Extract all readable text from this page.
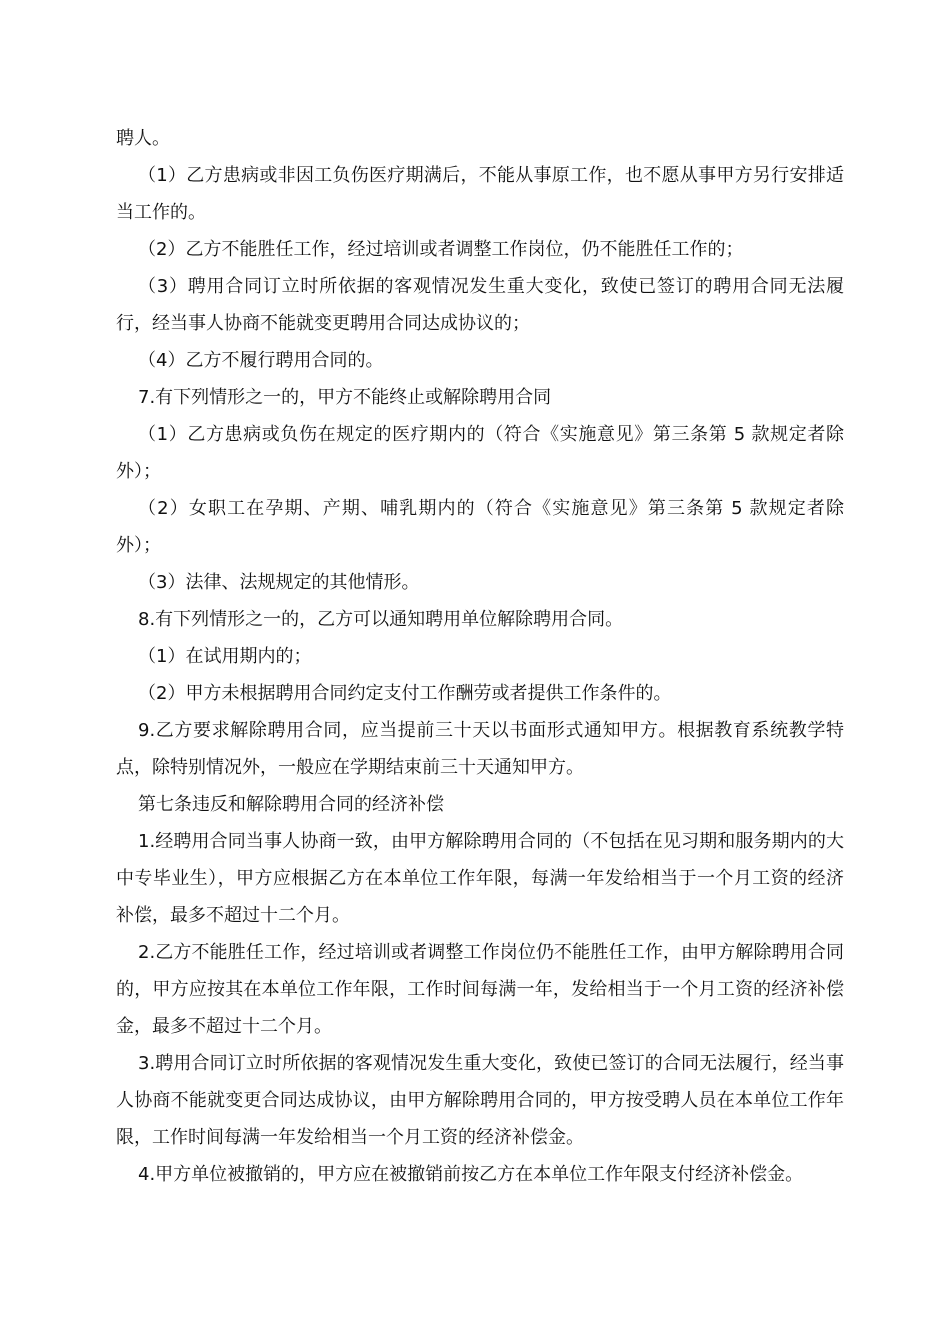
聘人。

（1）乙方患病或非因工负伤医疗期满后，不能从事原工作，也不愿从事甲方另行安排适当工作的。

（2）乙方不能胜任工作，经过培训或者调整工作岗位，仍不能胜任工作的；

（3）聘用合同订立时所依据的客观情况发生重大变化，致使已签订的聘用合同无法履行，经当事人协商不能就变更聘用合同达成协议的；

（4）乙方不履行聘用合同的。

7.有下列情形之一的，甲方不能终止或解除聘用合同

（1）乙方患病或负伤在规定的医疗期内的（符合《实施意见》第三条第 5 款规定者除外）；

（2）女职工在孕期、产期、哺乳期内的（符合《实施意见》第三条第 5 款规定者除外）；

（3）法律、法规规定的其他情形。

8.有下列情形之一的，乙方可以通知聘用单位解除聘用合同。

（1）在试用期内的；

（2）甲方未根据聘用合同约定支付工作酬劳或者提供工作条件的。

9.乙方要求解除聘用合同，应当提前三十天以书面形式通知甲方。根据教育系统教学特点，除特别情况外，一般应在学期结束前三十天通知甲方。

第七条违反和解除聘用合同的经济补偿

1.经聘用合同当事人协商一致，由甲方解除聘用合同的（不包括在见习期和服务期内的大中专毕业生），甲方应根据乙方在本单位工作年限，每满一年发给相当于一个月工资的经济补偿，最多不超过十二个月。

2.乙方不能胜任工作，经过培训或者调整工作岗位仍不能胜任工作，由甲方解除聘用合同的，甲方应按其在本单位工作年限，工作时间每满一年，发给相当于一个月工资的经济补偿金，最多不超过十二个月。

3.聘用合同订立时所依据的客观情况发生重大变化，致使已签订的合同无法履行，经当事人协商不能就变更合同达成协议，由甲方解除聘用合同的，甲方按受聘人员在本单位工作年限，工作时间每满一年发给相当一个月工资的经济补偿金。

4.甲方单位被撤销的，甲方应在被撤销前按乙方在本单位工作年限支付经济补偿金。
